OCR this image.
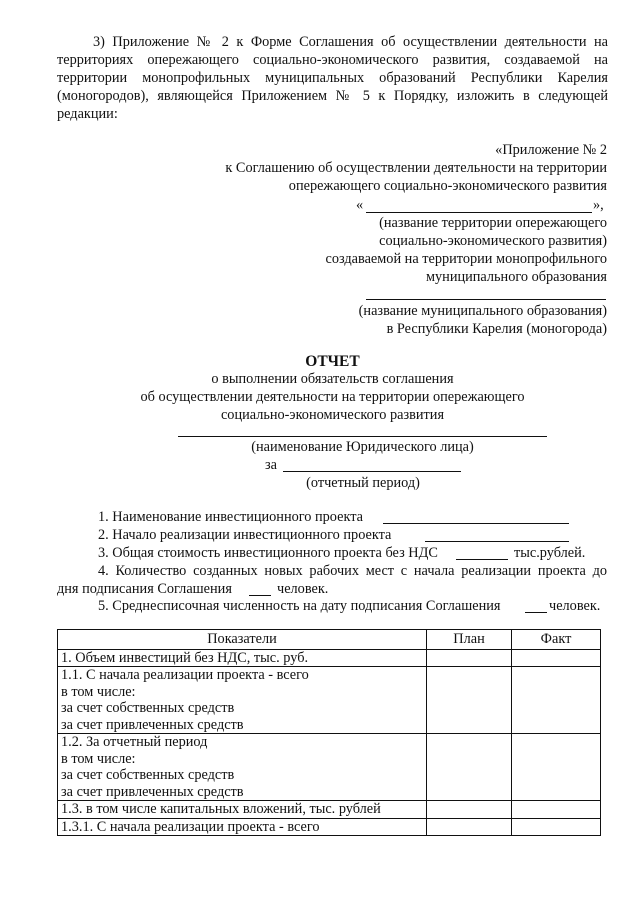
3) Приложение № 2 к Форме Соглашения об осуществлении деятельности на
территориях опережающего социально-экономического развития, создаваемой на
территории монопрофильных муниципальных образований Республики Карелия
(моногородов), являющейся Приложением № 5 к Порядку, изложить в следующей
редакции:
«Приложение № 2
к Соглашению об осуществлении деятельности на территории
опережающего социально-экономического развития
«	»,
(название территории опережающего
социально-экономического развития)
создаваемой на территории монопрофильного
муниципального образования
(название муниципального образования)
в Республики Карелия (моногорода)
ОТЧЕТ
о выполнении обязательств соглашения
об осуществлении деятельности на территории опережающего
социально-экономического развития
(наименование Юридического лица)
за
(отчетный период)
1. Наименование инвестиционного проекта
2. Начало реализации инвестиционного проекта
3. Общая стоимость инвестиционного проекта без НДС	тыс.рублей.
4. Количество созданных новых рабочих мест с начала реализации проекта до
дня подписания Соглашения	человек.
5. Среднесписочная численность на дату подписания Соглашения	человек.
Показатели	План	Факт

1. Объем инвестиций без НДС, тыс. руб.		

1.1. С начала реализации проекта - всего
в том числе:
за счет собственных средств
за счет привлеченных средств		

1.2. За отчетный период
в том числе:
за счет собственных средств
за счет привлеченных средств		

1.3. в том числе капитальных вложений, тыс. рублей		

1.3.1. С начала реализации проекта - всего		
